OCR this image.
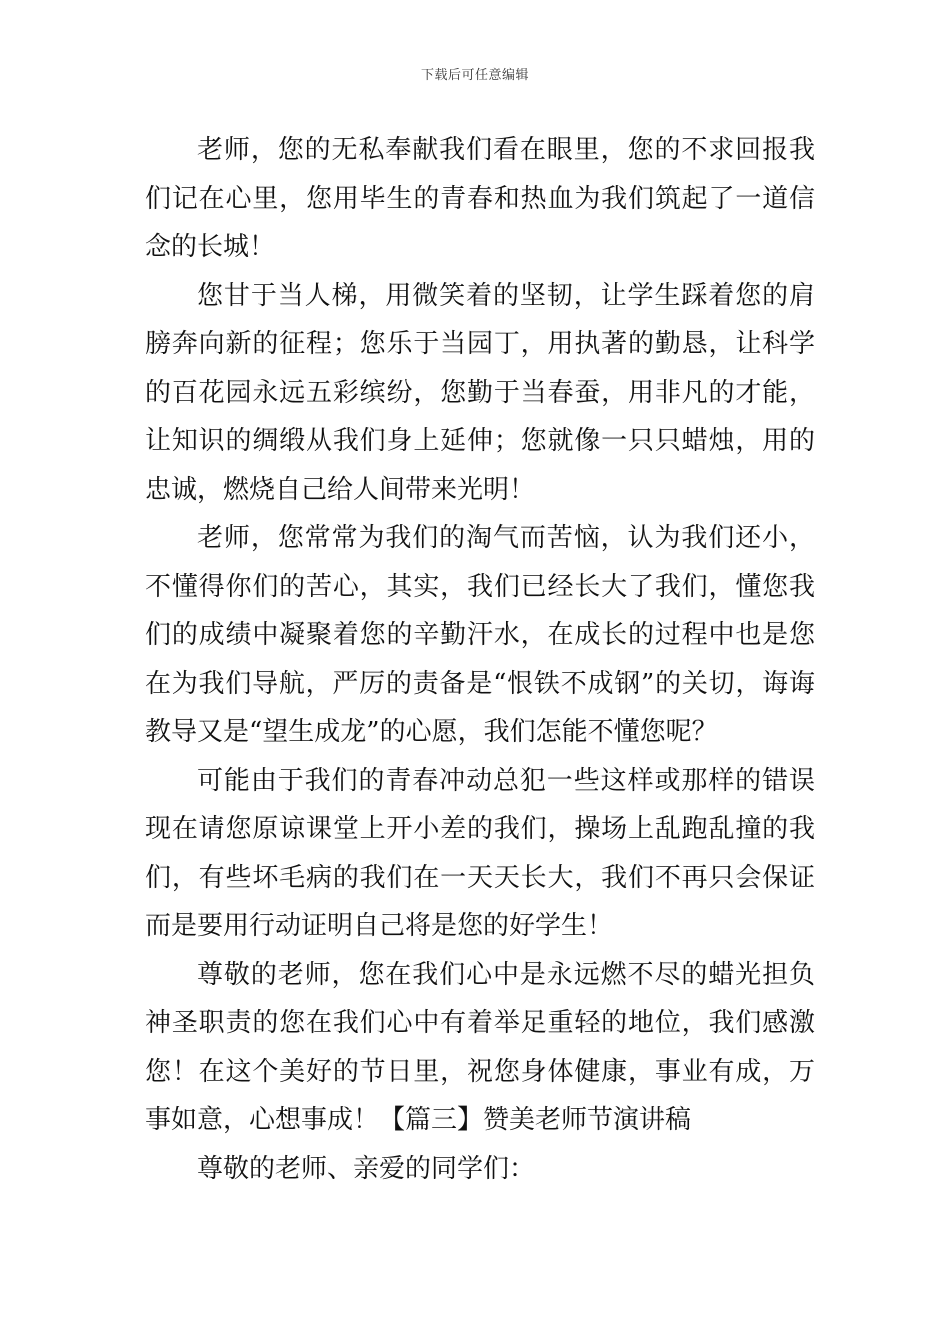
下载后可任意编辑

老师，您的无私奉献我们看在眼里，您的不求回报我们记在心里，您用毕生的青春和热血为我们筑起了一道信念的长城！

您甘于当人梯，用微笑着的坚韧，让学生踩着您的肩膀奔向新的征程；您乐于当园丁，用执著的勤恳，让科学的百花园永远五彩缤纷，您勤于当春蚕，用非凡的才能，让知识的绸缎从我们身上延伸；您就像一只只蜡烛，用的忠诚，燃烧自己给人间带来光明！

老师，您常常为我们的淘气而苦恼，认为我们还小，不懂得你们的苦心，其实，我们已经长大了我们，懂您我们的成绩中凝聚着您的辛勤汗水，在成长的过程中也是您在为我们导航，严厉的责备是“恨铁不成钢”的关切，诲诲教导又是“望生成龙”的心愿，我们怎能不懂您呢？

可能由于我们的青春冲动总犯一些这样或那样的错误现在请您原谅课堂上开小差的我们，操场上乱跑乱撞的我们，有些坏毛病的我们在一天天长大，我们不再只会保证而是要用行动证明自己将是您的好学生！

尊敬的老师，您在我们心中是永远燃不尽的蜡光担负神圣职责的您在我们心中有着举足重轻的地位，我们感激您！在这个美好的节日里，祝您身体健康，事业有成，万事如意，心想事成！【篇三】赞美老师节演讲稿

尊敬的老师、亲爱的同学们：
